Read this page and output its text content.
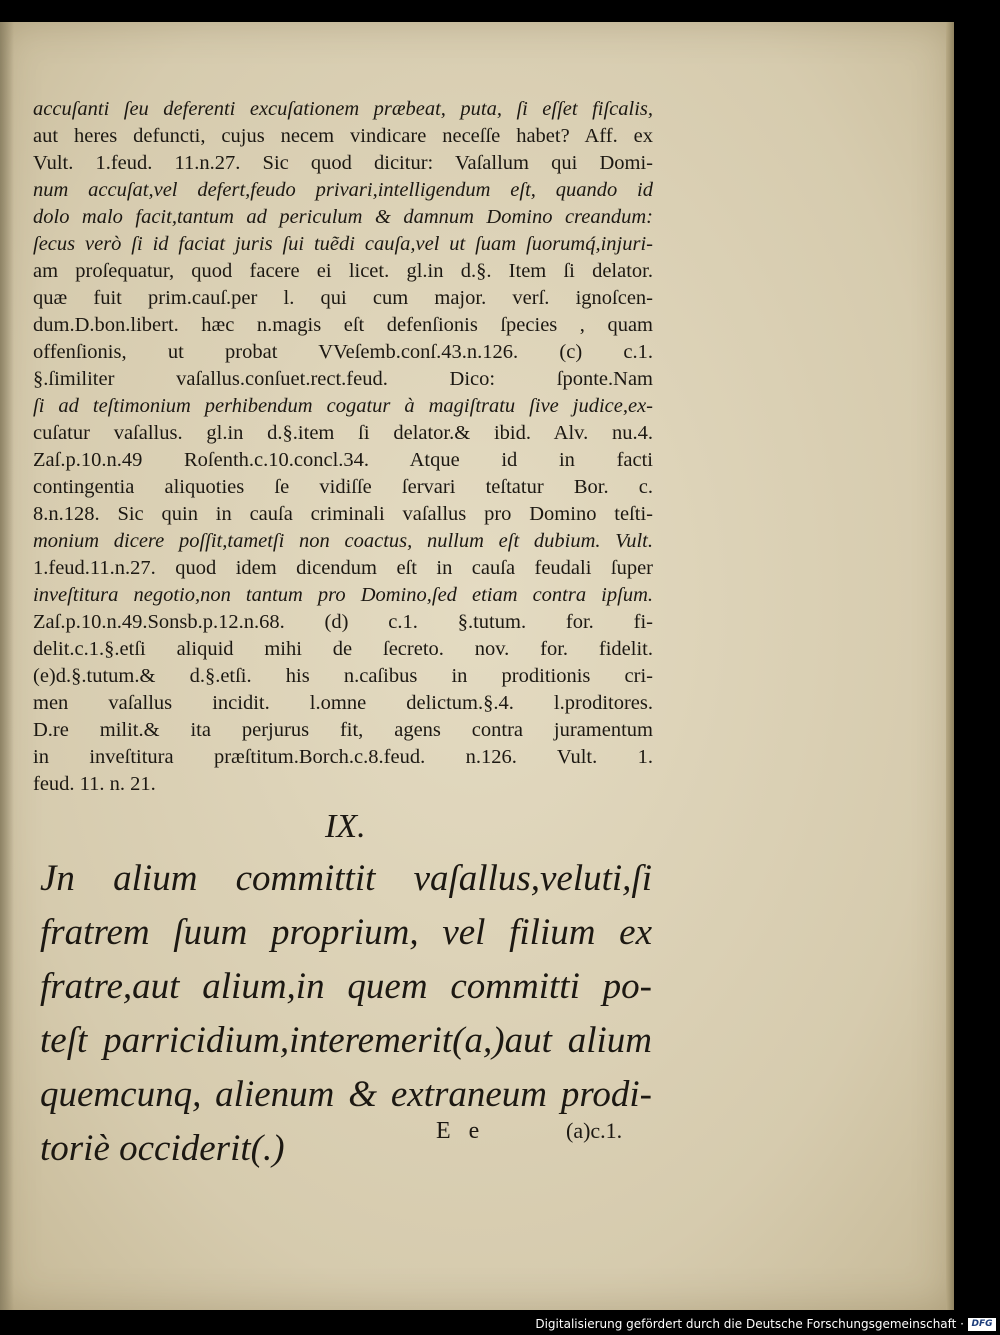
accuſanti ſeu deferenti excuſationem præbeat, puta, ſi eſſet fiſcalis,
aut heres defuncti, cujus necem vindicare neceſſe habet? Aff. ex
Vult. 1.feud. 11.n.27. Sic quod dicitur: Vaſallum qui Domi-
num accuſat,vel defert,feudo privari,intelligendum eſt, quando id
dolo malo facit,tantum ad periculum & damnum Domino creandum:
ſecus verò ſi id faciat juris ſui tuẽdi cauſa,vel ut ſuam ſuorumq́,injuri-
am proſequatur, quod facere ei licet. gl.in d.§. Item ſi delator.
quæ fuit prim.cauſ.per l. qui cum major. verſ. ignoſcen-
dum.D.bon.libert. hæc n.magis eſt defenſionis ſpecies , quam
offenſionis, ut probat VVeſemb.conſ.43.n.126. (c) c.1.
§.ſimiliter vaſallus.conſuet.rect.feud. Dico: ſponte.Nam
ſi ad teſtimonium perhibendum cogatur à magiſtratu ſive judice,ex-
cuſatur vaſallus. gl.in d.§.item ſi delator.& ibid. Alv. nu.4.
Zaſ.p.10.n.49 Roſenth.c.10.concl.34. Atque id in facti
contingentia aliquoties ſe vidiſſe ſervari teſtatur Bor. c.
8.n.128. Sic quin in cauſa criminali vaſallus pro Domino teſti-
monium dicere poſſit,tametſi non coactus, nullum eſt dubium. Vult.
1.feud.11.n.27. quod idem dicendum eſt in cauſa feudali ſuper
inveſtitura negotio,non tantum pro Domino,ſed etiam contra ipſum.
Zaſ.p.10.n.49.Sonsb.p.12.n.68. (d) c.1. §.tutum. for. fi-
delit.c.1.§.etſi aliquid mihi de ſecreto. nov. for. fidelit.
(e)d.§.tutum.& d.§.etſi. his n.caſibus in proditionis cri-
men vaſallus incidit. l.omne delictum.§.4. l.proditores.
D.re milit.& ita perjurus fit, agens contra juramentum
in inveſtitura præſtitum.Borch.c.8.feud. n.126. Vult. 1.
feud. 11. n. 21.
IX.
Jn alium committit vaſallus,veluti,ſi
fratrem ſuum proprium, vel filium ex
fratre,aut alium,in quem committi po-
teſt parricidium,interemerit(a,)aut alium
quemcunq, alienum & extraneum prodi-
toriè occiderit(.)	E e	(a)c.1.
Digitalisierung gefördert durch die Deutsche Forschungsgemeinschaft · DFG
